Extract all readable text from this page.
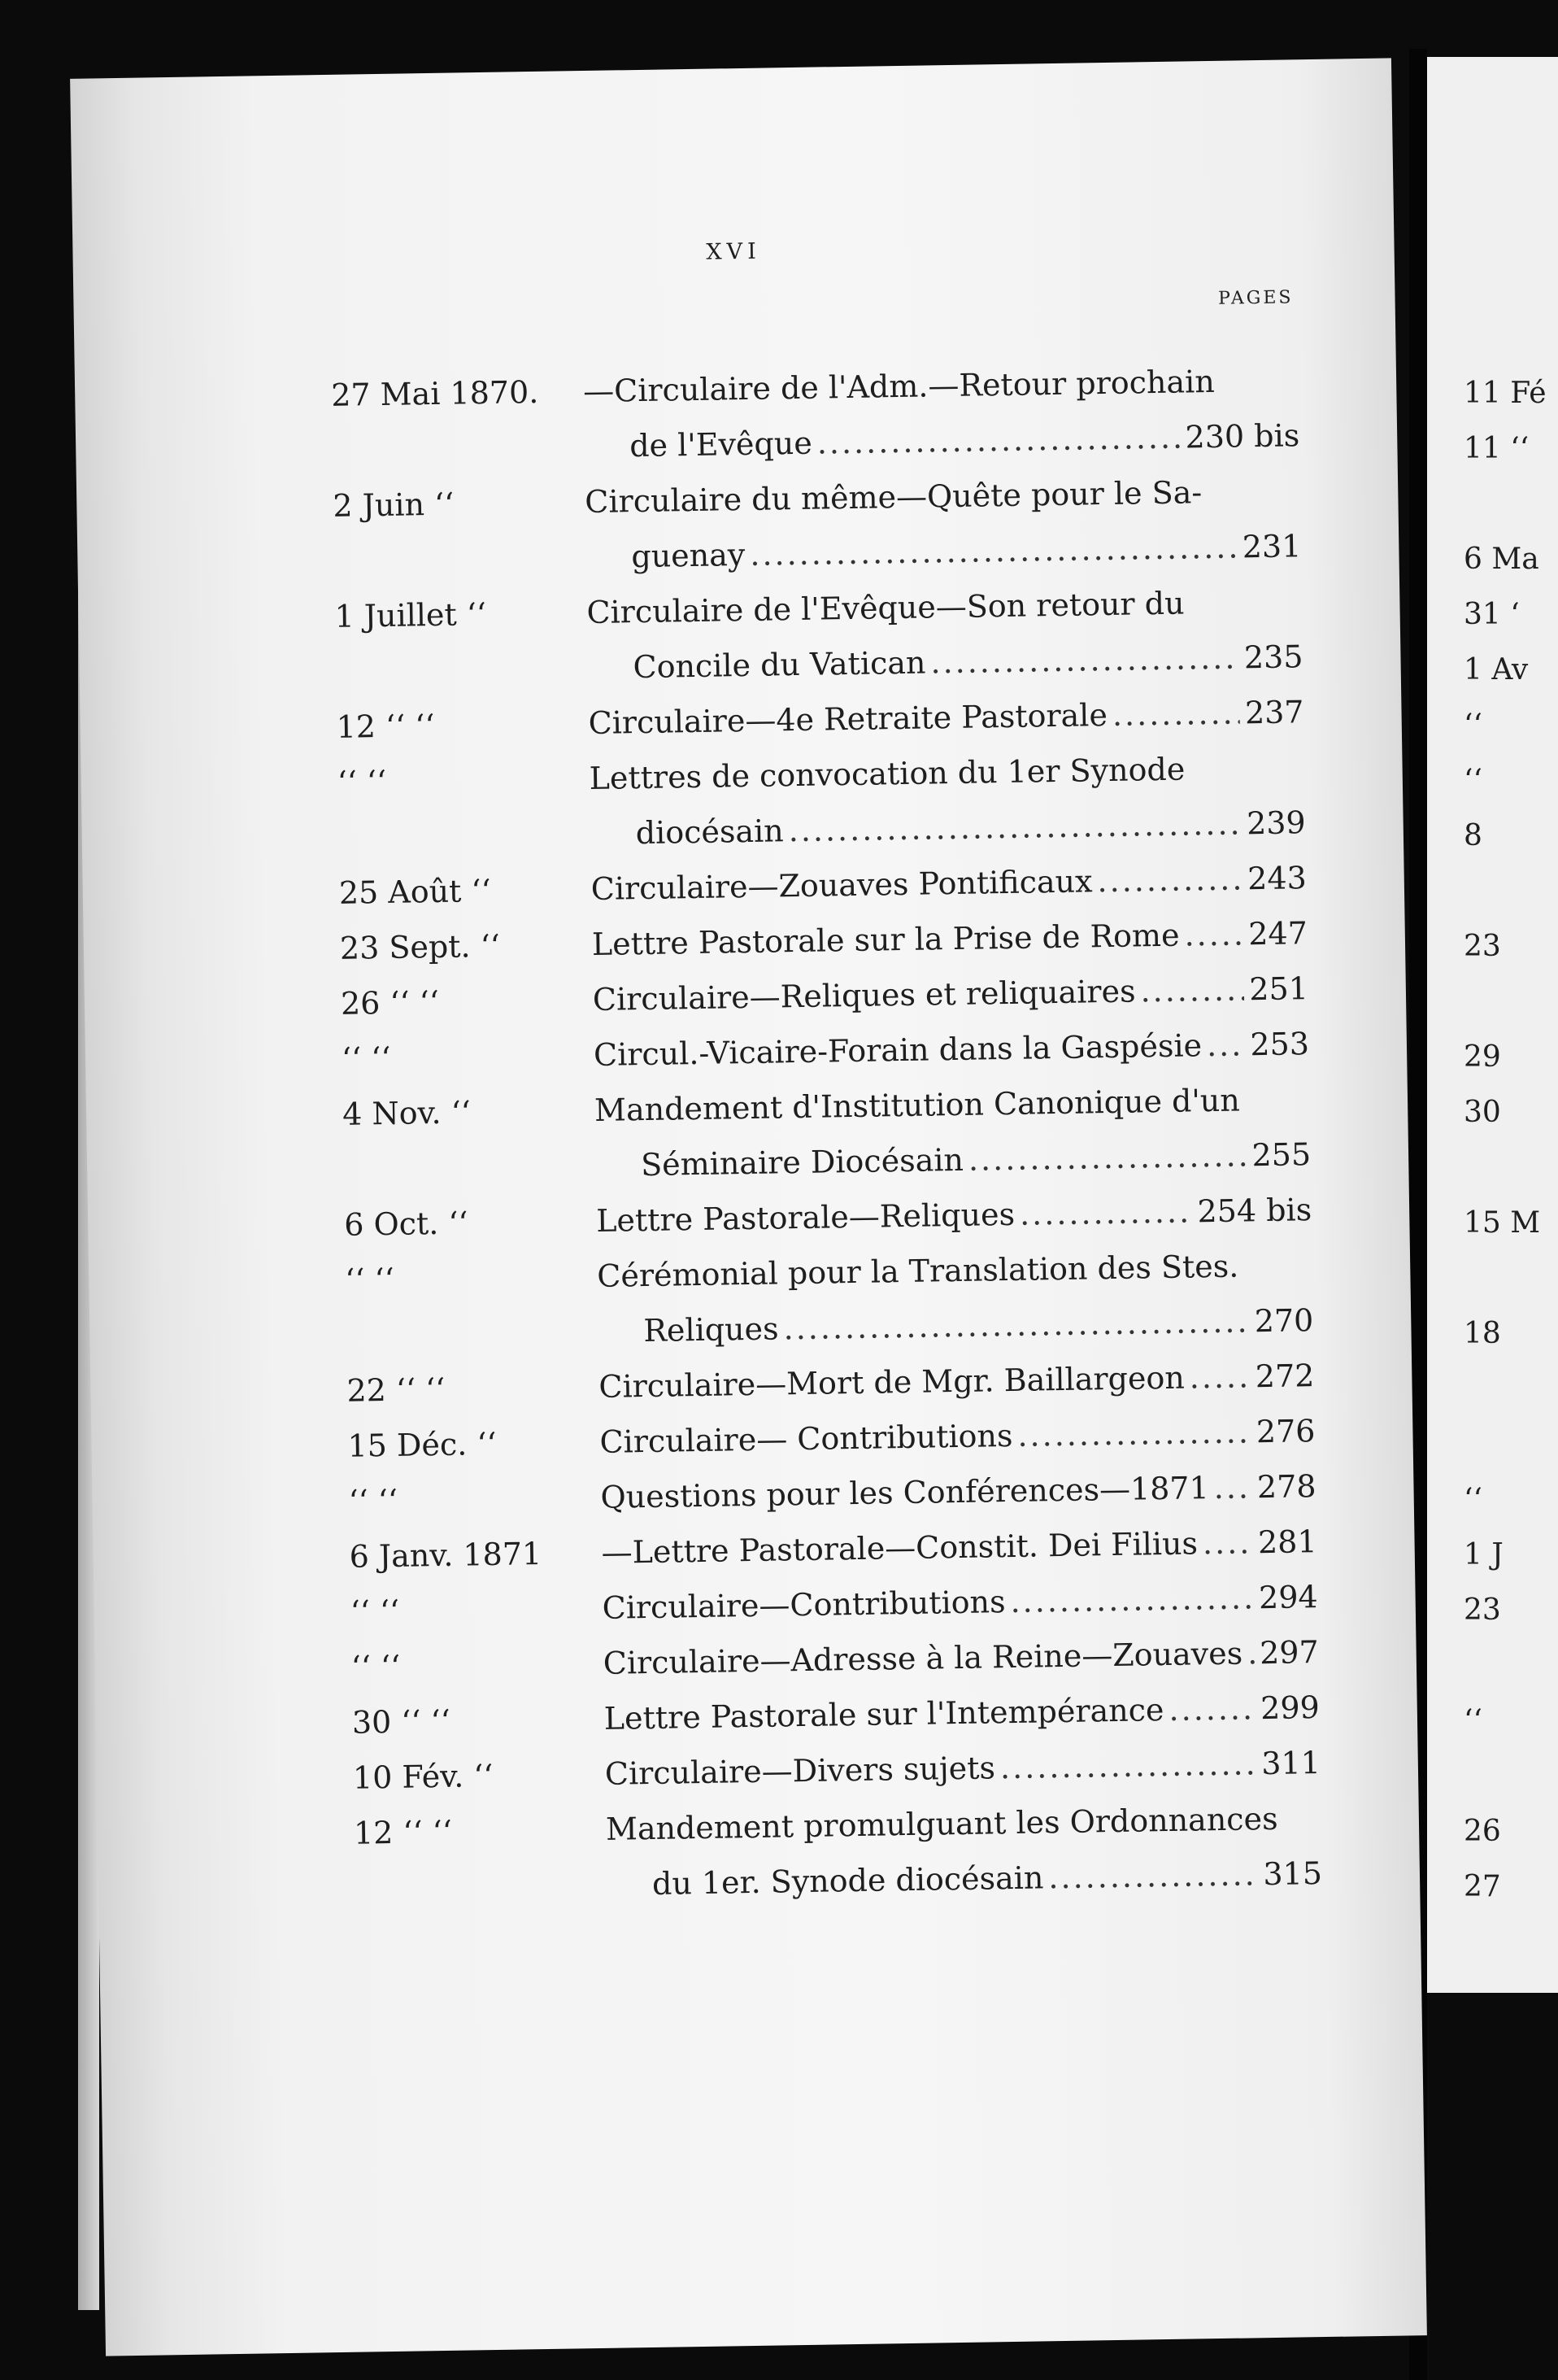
XVI
PAGES
27 Mai 1870.	—Circulaire de l'Adm.—Retour prochain
de l'Evêque .....	230 bis
2 Juin ‘‘	Circulaire du même—Quête pour le Sa-
guenay .....	231
1 Juillet ‘‘	Circulaire de l'Evêque—Son retour du
Concile du Vatican .....	235
12 ‘‘ ‘‘	Circulaire—4e Retraite Pastorale .....	237
‘‘ ‘‘	Lettres de convocation du 1er Synode
diocésain .....	239
25 Août ‘‘	Circulaire—Zouaves Pontificaux .....	243
23 Sept. ‘‘	Lettre Pastorale sur la Prise de Rome ..... 247
26 ‘‘ ‘‘	Circulaire—Reliques et reliquaires .....	251
‘‘ ‘‘	Circul.-Vicaire-Forain dans la Gaspésie ..... 253
4 Nov. ‘‘	Mandement d'Institution Canonique d'un
Séminaire Diocésain .....	255
6 Oct. ‘‘	Lettre Pastorale—Reliques .....	254 bis
‘‘ ‘‘	Cérémonial pour la Translation des Stes.
Reliques .....	270
22 ‘‘ ‘‘	Circulaire—Mort de Mgr. Baillargeon ..... 272
15 Déc. ‘‘	Circulaire— Contributions .....	276
‘‘ ‘‘	Questions pour les Conférences—1871 ..... 278
6 Janv. 1871	—Lettre Pastorale—Constit. Dei Filius ..... 281
‘‘ ‘‘	Circulaire—Contributions .....	294
‘‘ ‘‘	Circulaire—Adresse à la Reine—Zouaves ..... 297
30 ‘‘ ‘‘	Lettre Pastorale sur l'Intempérance .....	299
10 Fév. ‘‘	Circulaire—Divers sujets .....	311
12 ‘‘ ‘‘	Mandement promulguant les Ordonnances
du 1er. Synode diocésain .....	315
11 Fé
11 ‘‘
6 Ma
31 ‘
1 Av
‘‘
‘‘
8
23
29
30
15 M
18
‘‘
1 J
23
‘‘
26
27
